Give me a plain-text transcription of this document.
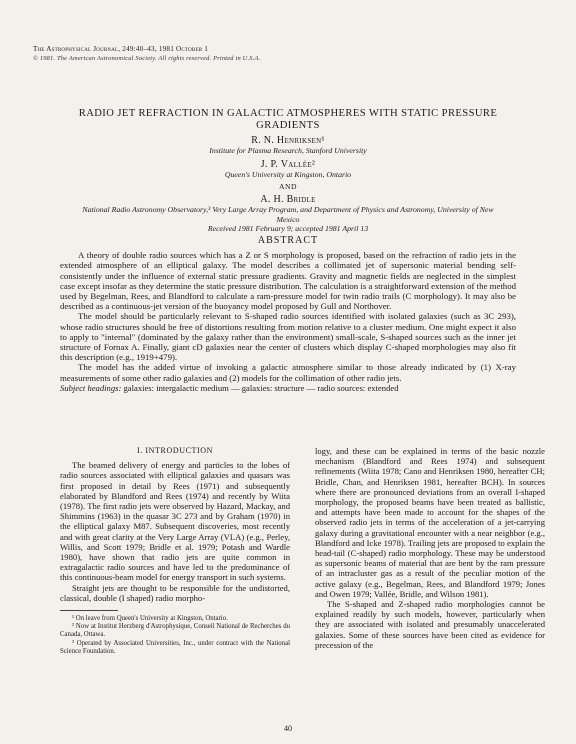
The Astrophysical Journal, 249:40–43, 1981 October 1
© 1981. The American Astronomical Society. All rights reserved. Printed in U.S.A.
RADIO JET REFRACTION IN GALACTIC ATMOSPHERES WITH STATIC PRESSURE GRADIENTS
R. N. Henriksen¹
Institute for Plasma Research, Stanford University
J. P. Vallée²
Queen's University at Kingston, Ontario
AND
A. H. Bridle
National Radio Astronomy Observatory,³ Very Large Array Program, and Department of Physics and Astronomy, University of New Mexico
Received 1981 February 9; accepted 1981 April 13
ABSTRACT

A theory of double radio sources which has a Z or S morphology is proposed, based on the refraction of radio jets in the extended atmosphere of an elliptical galaxy. The model describes a collimated jet of supersonic material bending self-consistently under the influence of external static pressure gradients. Gravity and magnetic fields are neglected in the simplest case except insofar as they determine the static pressure distribution. The calculation is a straightforward extension of the method used by Begelman, Rees, and Blandford to calculate a ram-pressure model for twin radio trails (C morphology). It may also be described as a continuous-jet version of the buoyancy model proposed by Gull and Northover.

The model should be particularly relevant to S-shaped radio sources identified with isolated galaxies (such as 3C 293), whose radio structures should be free of distortions resulting from motion relative to a cluster medium. One might expect it also to apply to "internal" (dominated by the galaxy rather than the environment) small-scale, S-shaped sources such as the inner jet structure of Fornax A. Finally, giant cD galaxies near the center of clusters which display C-shaped morphologies may also fit this description (e.g., 1919+479).

The model has the added virtue of invoking a galactic atmosphere similar to those already indicated by (1) X-ray measurements of some other radio galaxies and (2) models for the collimation of other radio jets.

Subject headings: galaxies: intergalactic medium — galaxies: structure — radio sources: extended
I. INTRODUCTION

The beamed delivery of energy and particles to the lobes of radio sources associated with elliptical galaxies and quasars was first proposed in detail by Rees (1971) and subsequently elaborated by Blandford and Rees (1974) and recently by Wiita (1978). The first radio jets were observed by Hazard, Mackay, and Shimmins (1963) in the quasar 3C 273 and by Graham (1970) in the elliptical galaxy M87. Subsequent discoveries, most recently and with great clarity at the Very Large Array (VLA) (e.g., Perley, Willis, and Scott 1979; Bridle et al. 1979; Potash and Wardle 1980), have shown that radio jets are quite common in extragalactic radio sources and have led to the predominance of this continuous-beam model for energy transport in such systems.

Straight jets are thought to be responsible for the undistorted, classical, double (I shaped) radio morpho-

¹ On leave from Queen's University at Kingston, Ontario.

² Now at Institut Herzberg d'Astrophysique, Conseil National de Recherches du Canada, Ottawa.

³ Operated by Associated Universities, Inc., under contract with the National Science Foundation.

logy, and these can be explained in terms of the basic nozzle mechanism (Blandford and Rees 1974) and subsequent refinements (Wiita 1978; Cano and Henriksen 1980, hereafter CH; Bridle, Chan, and Henriksen 1981, hereafter BCH). In sources where there are pronounced deviations from an overall I-shaped morphology, the proposed beams have been treated as ballistic, and attempts have been made to account for the shapes of the observed radio jets in terms of the acceleration of a jet-carrying galaxy during a gravitational encounter with a near neighbor (e.g., Blandford and Icke 1978). Trailing jets are proposed to explain the head-tail (C-shaped) radio morphology. These may be understood as supersonic beams of material that are bent by the ram pressure of an intracluster gas as a result of the peculiar motion of the active galaxy (e.g., Begelman, Rees, and Blandford 1979; Jones and Owen 1979; Vallée, Bridle, and Wilson 1981).

The S-shaped and Z-shaped radio morphologies cannot be explained readily by such models, however, particularly when they are associated with isolated and presumably unaccelerated galaxies. Some of these sources have been cited as evidence for precession of the

40
